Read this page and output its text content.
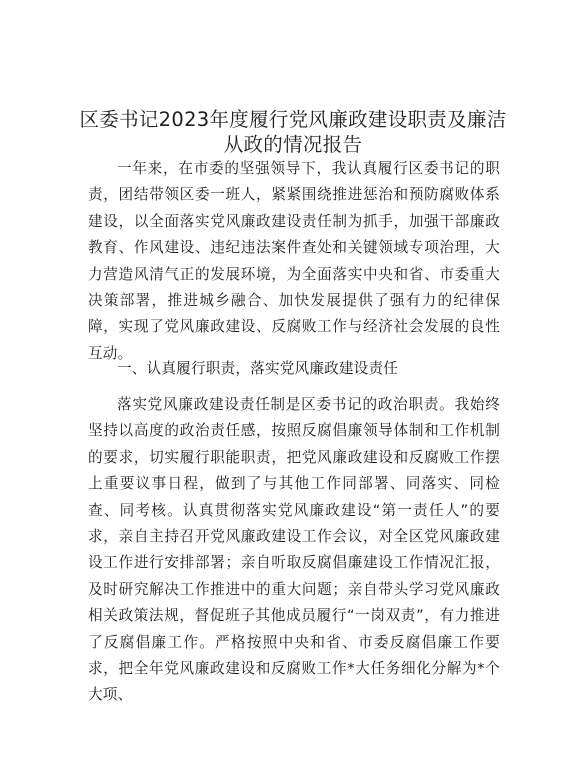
区委书记2023年度履行党风廉政建设职责及廉洁从政的情况报告

一年来，在市委的坚强领导下，我认真履行区委书记的职责，团结带领区委一班人，紧紧围绕推进惩治和预防腐败体系建设，以全面落实党风廉政建设责任制为抓手，加强干部廉政教育、作风建设、违纪违法案件查处和关键领域专项治理，大力营造风清气正的发展环境，为全面落实中央和省、市委重大决策部署，推进城乡融合、加快发展提供了强有力的纪律保障，实现了党风廉政建设、反腐败工作与经济社会发展的良性互动。

一、认真履行职责，落实党风廉政建设责任

落实党风廉政建设责任制是区委书记的政治职责。我始终坚持以高度的政治责任感，按照反腐倡廉领导体制和工作机制的要求，切实履行职能职责，把党风廉政建设和反腐败工作摆上重要议事日程，做到了与其他工作同部署、同落实、同检查、同考核。认真贯彻落实党风廉政建设“第一责任人”的要求，亲自主持召开党风廉政建设工作会议，对全区党风廉政建设工作进行安排部署；亲自听取反腐倡廉建设工作情况汇报，及时研究解决工作推进中的重大问题；亲自带头学习党风廉政相关政策法规，督促班子其他成员履行“一岗双责”，有力推进了反腐倡廉工作。严格按照中央和省、市委反腐倡廉工作要求，把全年党风廉政建设和反腐败工作*大任务细化分解为*个大项、
